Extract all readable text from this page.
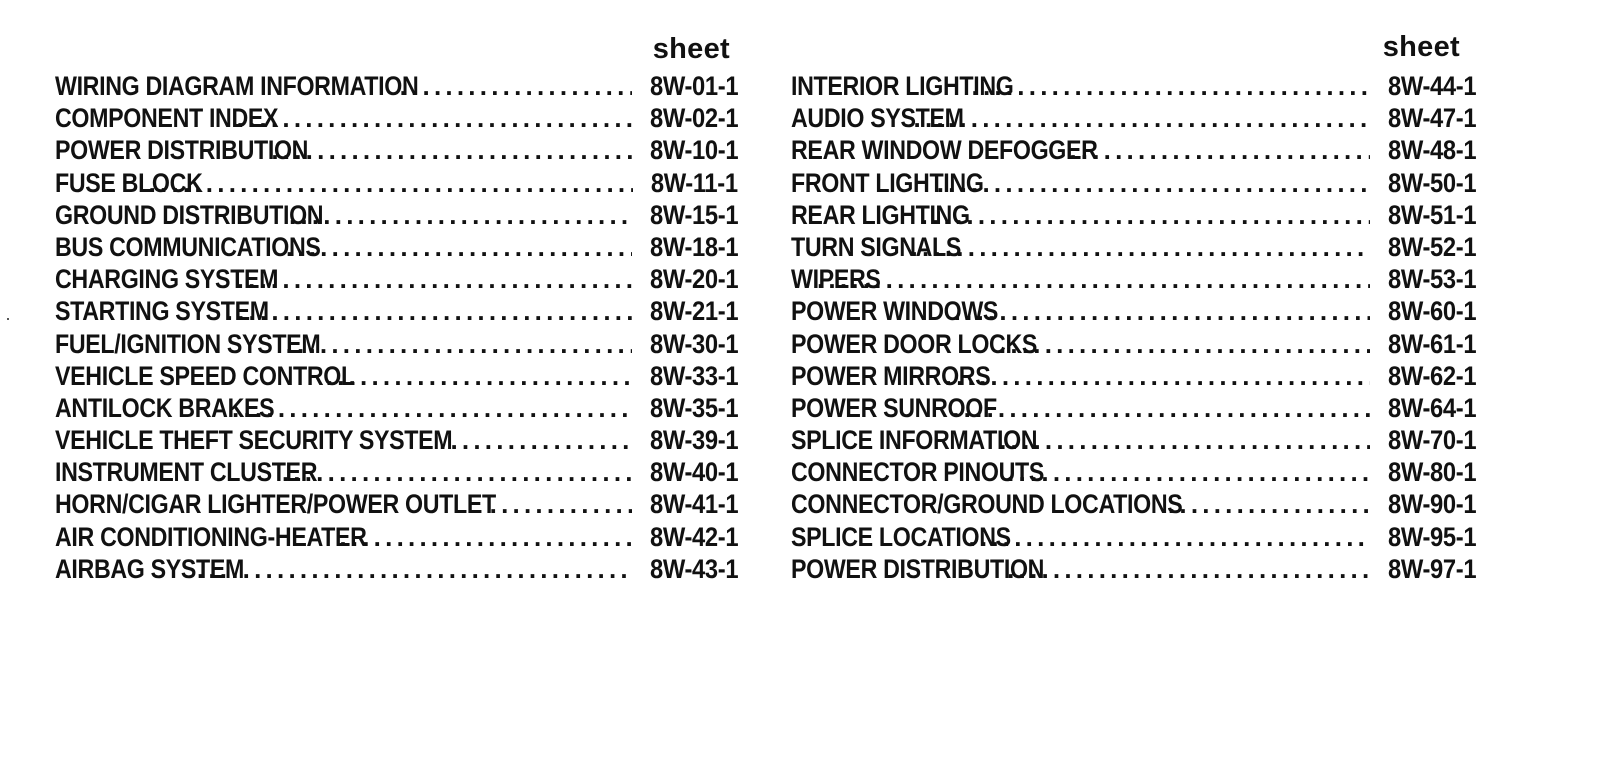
sheet
WIRING DIAGRAM INFORMATION . . .	8W-01-1
COMPONENT INDEX . . .	8W-02-1
POWER DISTRIBUTION . . .	8W-10-1
FUSE BLOCK . . .	8W-11-1
GROUND DISTRIBUTION . . .	8W-15-1
BUS COMMUNICATIONS . . .	8W-18-1
CHARGING SYSTEM . . .	8W-20-1
STARTING SYSTEM . . .	8W-21-1
FUEL/IGNITION SYSTEM . . .	8W-30-1
VEHICLE SPEED CONTROL . . .	8W-33-1
ANTILOCK BRAKES . . .	8W-35-1
VEHICLE THEFT SECURITY SYSTEM . . .	8W-39-1
INSTRUMENT CLUSTER . . .	8W-40-1
HORN/CIGAR LIGHTER/POWER OUTLET . . .	8W-41-1
AIR CONDITIONING-HEATER . . .	8W-42-1
AIRBAG SYSTEM . . .	8W-43-1
sheet
INTERIOR LIGHTING . . .	8W-44-1
AUDIO SYSTEM . . .	8W-47-1
REAR WINDOW DEFOGGER . . .	8W-48-1
FRONT LIGHTING . . .	8W-50-1
REAR LIGHTING . . .	8W-51-1
TURN SIGNALS . . .	8W-52-1
WIPERS . . .	8W-53-1
POWER WINDOWS . . .	8W-60-1
POWER DOOR LOCKS . . .	8W-61-1
POWER MIRRORS . . .	8W-62-1
POWER SUNROOF . . .	8W-64-1
SPLICE INFORMATION . . .	8W-70-1
CONNECTOR PINOUTS . . .	8W-80-1
CONNECTOR/GROUND LOCATIONS . . .	8W-90-1
SPLICE LOCATIONS . . .	8W-95-1
POWER DISTRIBUTION . . .	8W-97-1
